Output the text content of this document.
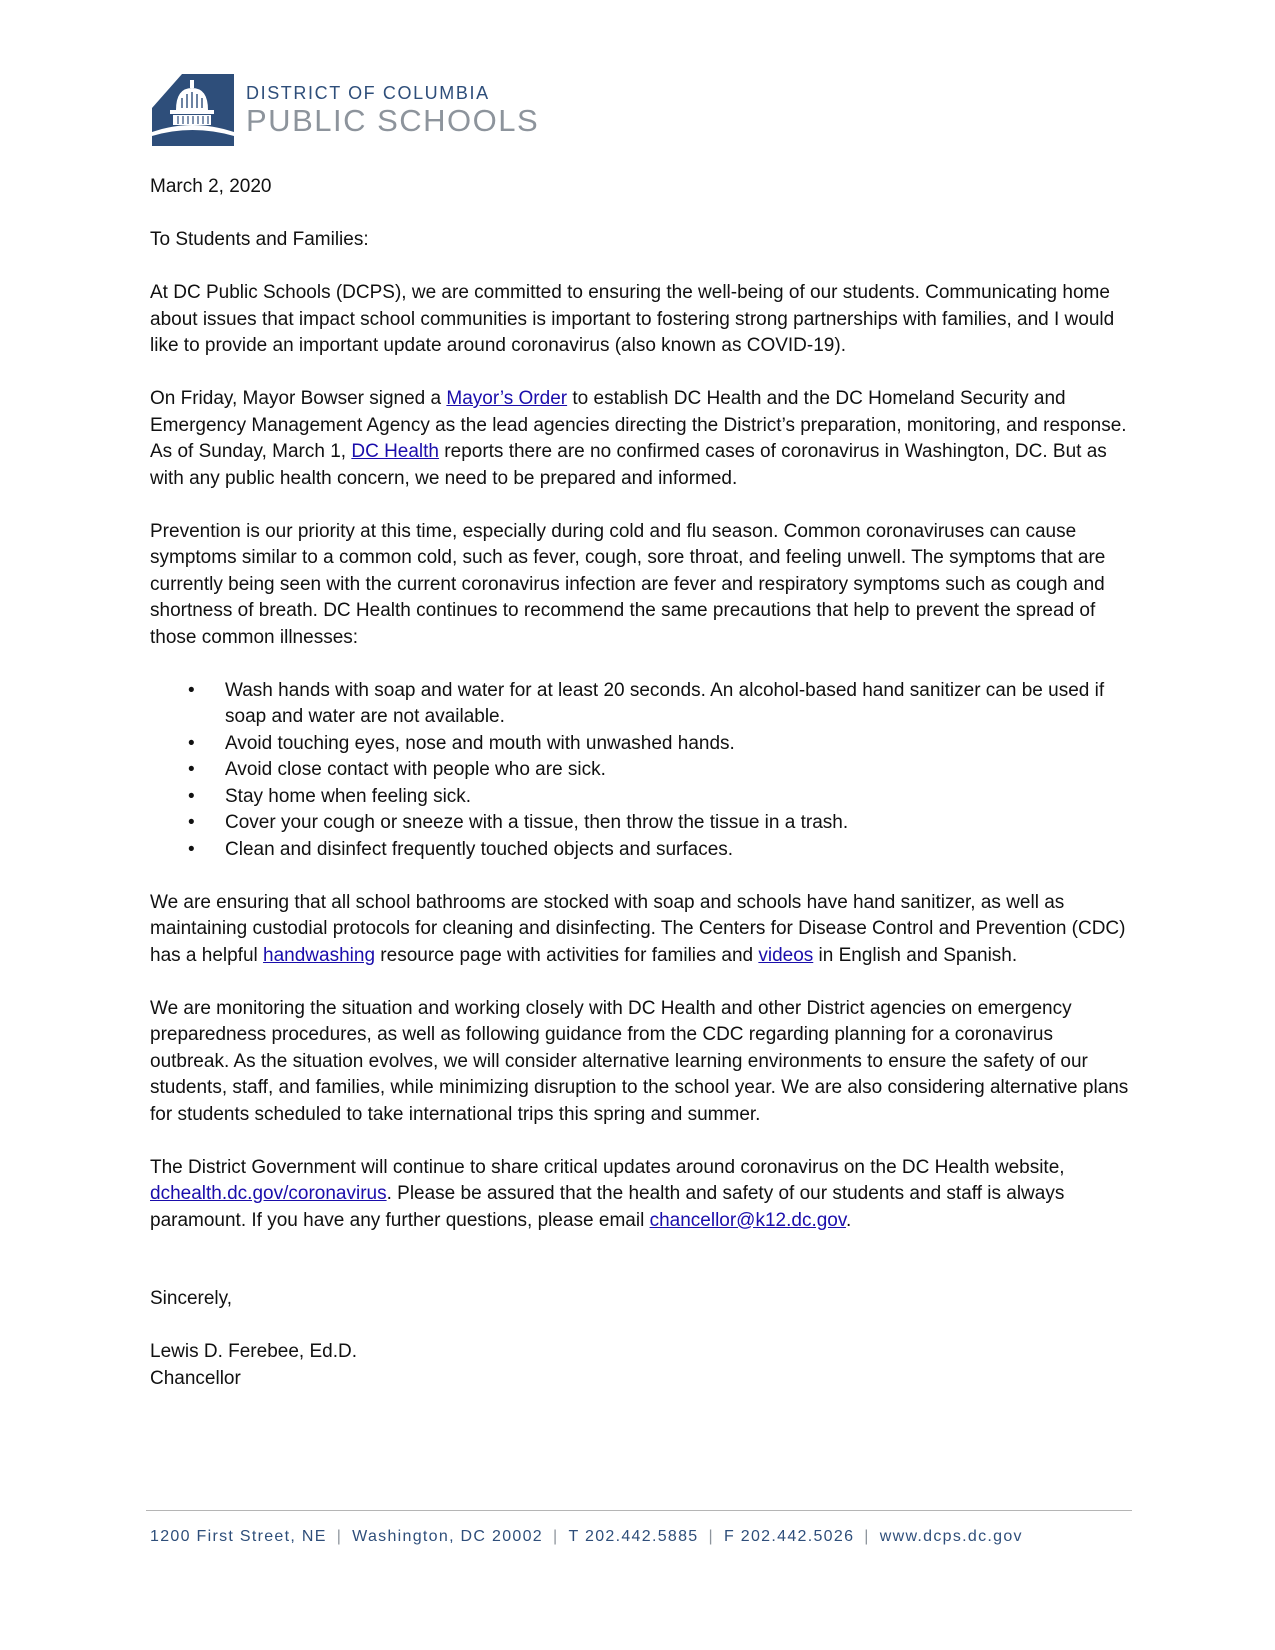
DISTRICT OF COLUMBIA
PUBLIC SCHOOLS

March 2, 2020

To Students and Families:

At DC Public Schools (DCPS), we are committed to ensuring the well-being of our students. Communicating home about issues that impact school communities is important to fostering strong partnerships with families, and I would like to provide an important update around coronavirus (also known as COVID-19).

On Friday, Mayor Bowser signed a Mayor’s Order to establish DC Health and the DC Homeland Security and Emergency Management Agency as the lead agencies directing the District’s preparation, monitoring, and response. As of Sunday, March 1, DC Health reports there are no confirmed cases of coronavirus in Washington, DC. But as with any public health concern, we need to be prepared and informed.

Prevention is our priority at this time, especially during cold and flu season. Common coronaviruses can cause symptoms similar to a common cold, such as fever, cough, sore throat, and feeling unwell. The symptoms that are currently being seen with the current coronavirus infection are fever and respiratory symptoms such as cough and shortness of breath. DC Health continues to recommend the same precautions that help to prevent the spread of those common illnesses:

• Wash hands with soap and water for at least 20 seconds. An alcohol-based hand sanitizer can be used if soap and water are not available.
• Avoid touching eyes, nose and mouth with unwashed hands.
• Avoid close contact with people who are sick.
• Stay home when feeling sick.
• Cover your cough or sneeze with a tissue, then throw the tissue in a trash.
• Clean and disinfect frequently touched objects and surfaces.

We are ensuring that all school bathrooms are stocked with soap and schools have hand sanitizer, as well as maintaining custodial protocols for cleaning and disinfecting. The Centers for Disease Control and Prevention (CDC) has a helpful handwashing resource page with activities for families and videos in English and Spanish.

We are monitoring the situation and working closely with DC Health and other District agencies on emergency preparedness procedures, as well as following guidance from the CDC regarding planning for a coronavirus outbreak. As the situation evolves, we will consider alternative learning environments to ensure the safety of our students, staff, and families, while minimizing disruption to the school year. We are also considering alternative plans for students scheduled to take international trips this spring and summer.

The District Government will continue to share critical updates around coronavirus on the DC Health website, dchealth.dc.gov/coronavirus. Please be assured that the health and safety of our students and staff is always paramount. If you have any further questions, please email chancellor@k12.dc.gov.

Sincerely,

Lewis D. Ferebee, Ed.D.
Chancellor
1200 First Street, NE | Washington, DC 20002 | T 202.442.5885 | F 202.442.5026 | www.dcps.dc.gov
